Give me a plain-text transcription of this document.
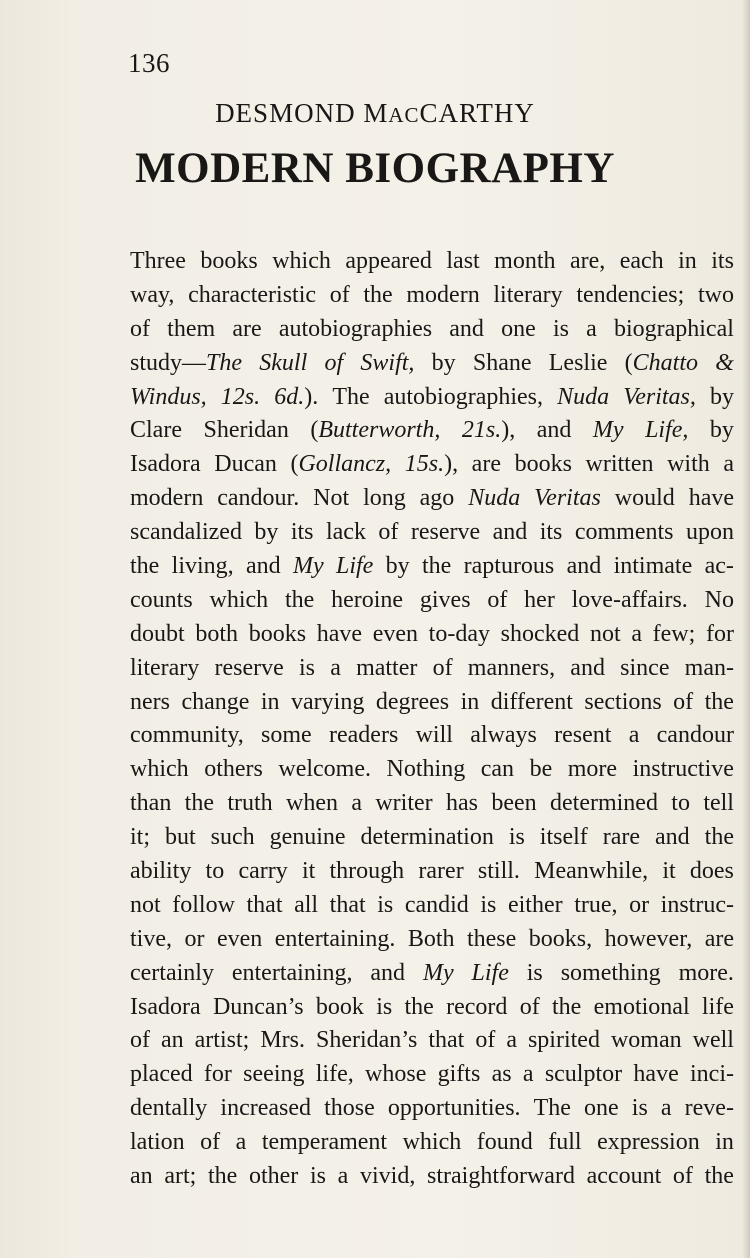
136
DESMOND MACCARTHY
MODERN BIOGRAPHY
Three books which appeared last month are, each in its
way, characteristic of the modern literary tendencies; two
of them are autobiographies and one is a biographical
study—The Skull of Swift, by Shane Leslie (Chatto &
Windus, 12s. 6d.). The autobiographies, Nuda Veritas, by
Clare Sheridan (Butterworth, 21s.), and My Life, by
Isadora Ducan (Gollancz, 15s.), are books written with a
modern candour. Not long ago Nuda Veritas would have
scandalized by its lack of reserve and its comments upon
the living, and My Life by the rapturous and intimate ac-
counts which the heroine gives of her love-affairs. No
doubt both books have even to-day shocked not a few; for
literary reserve is a matter of manners, and since man-
ners change in varying degrees in different sections of the
community, some readers will always resent a candour
which others welcome. Nothing can be more instructive
than the truth when a writer has been determined to tell
it; but such genuine determination is itself rare and the
ability to carry it through rarer still. Meanwhile, it does
not follow that all that is candid is either true, or instruc-
tive, or even entertaining. Both these books, however, are
certainly entertaining, and My Life is something more.
Isadora Duncan’s book is the record of the emotional life
of an artist; Mrs. Sheridan’s that of a spirited woman well
placed for seeing life, whose gifts as a sculptor have inci-
dentally increased those opportunities. The one is a reve-
lation of a temperament which found full expression in
an art; the other is a vivid, straightforward account of the
